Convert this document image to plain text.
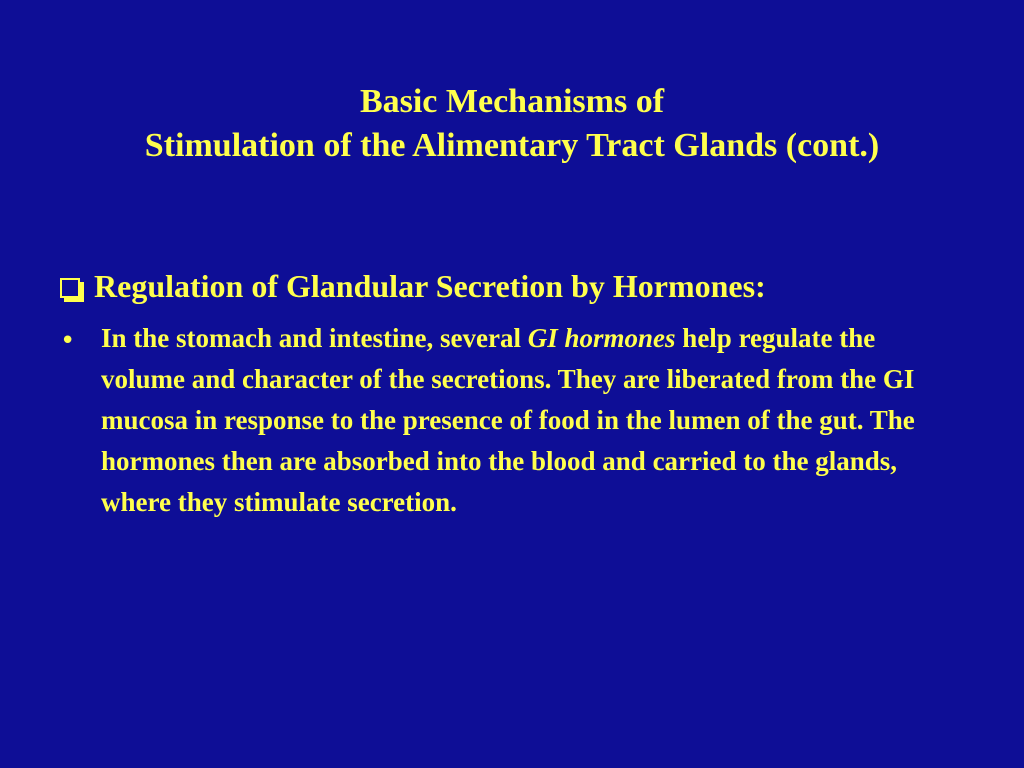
Basic Mechanisms of
Stimulation of the Alimentary Tract Glands (cont.)
Regulation of Glandular Secretion by Hormones:
• In the stomach and intestine, several GI hormones help regulate the volume and character of the secretions. They are liberated from the GI mucosa in response to the presence of food in the lumen of the gut. The hormones then are absorbed into the blood and carried to the glands, where they stimulate secretion.
